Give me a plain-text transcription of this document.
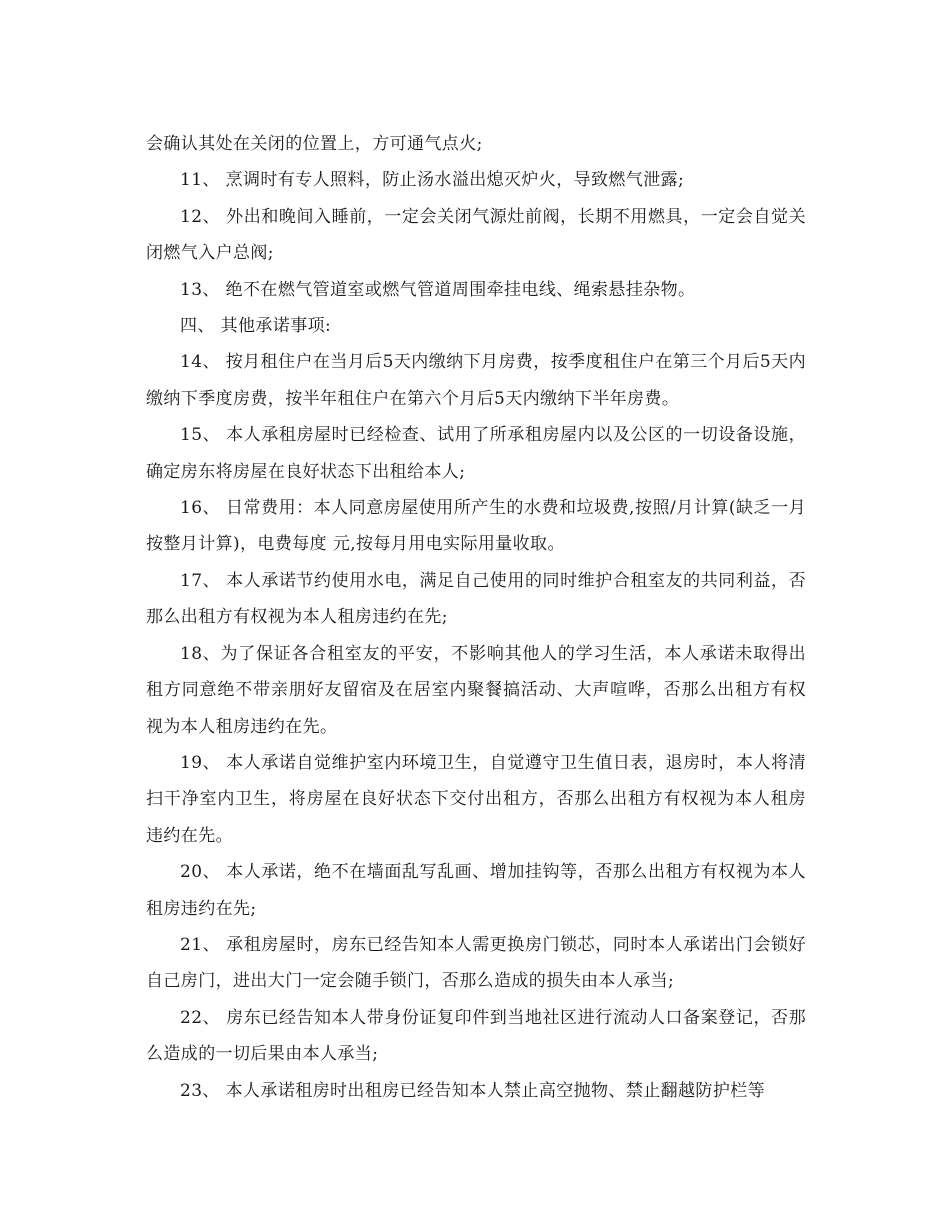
会确认其处在关闭的位置上，方可通气点火;

11、 烹调时有专人照料，防止汤水溢出熄灭炉火，导致燃气泄露;

12、 外出和晚间入睡前，一定会关闭气源灶前阀，长期不用燃具，一定会自觉关闭燃气入户总阀;

13、 绝不在燃气管道室或燃气管道周围牵挂电线、绳索悬挂杂物。

四、 其他承诺事项:

14、 按月租住户在当月后5天内缴纳下月房费，按季度租住户在第三个月后5天内缴纳下季度房费，按半年租住户在第六个月后5天内缴纳下半年房费。

15、 本人承租房屋时已经检查、试用了所承租房屋内以及公区的一切设备设施，确定房东将房屋在良好状态下出租给本人;

16、 日常费用：本人同意房屋使用所产生的水费和垃圾费,按照/月计算(缺乏一月按整月计算)，电费每度 元,按每月用电实际用量收取。

17、 本人承诺节约使用水电，满足自己使用的同时维护合租室友的共同利益，否那么出租方有权视为本人租房违约在先;

18、为了保证各合租室友的平安，不影响其他人的学习生活，本人承诺未取得出租方同意绝不带亲朋好友留宿及在居室内聚餐搞活动、大声喧哗，否那么出租方有权视为本人租房违约在先。

19、 本人承诺自觉维护室内环境卫生，自觉遵守卫生值日表，退房时，本人将清扫干净室内卫生，将房屋在良好状态下交付出租方，否那么出租方有权视为本人租房违约在先。

20、 本人承诺，绝不在墙面乱写乱画、增加挂钩等，否那么出租方有权视为本人租房违约在先;

21、 承租房屋时，房东已经告知本人需更换房门锁芯，同时本人承诺出门会锁好自己房门，进出大门一定会随手锁门，否那么造成的损失由本人承当;

22、 房东已经告知本人带身份证复印件到当地社区进行流动人口备案登记，否那么造成的一切后果由本人承当;

23、 本人承诺租房时出租房已经告知本人禁止高空抛物、禁止翻越防护栏等
